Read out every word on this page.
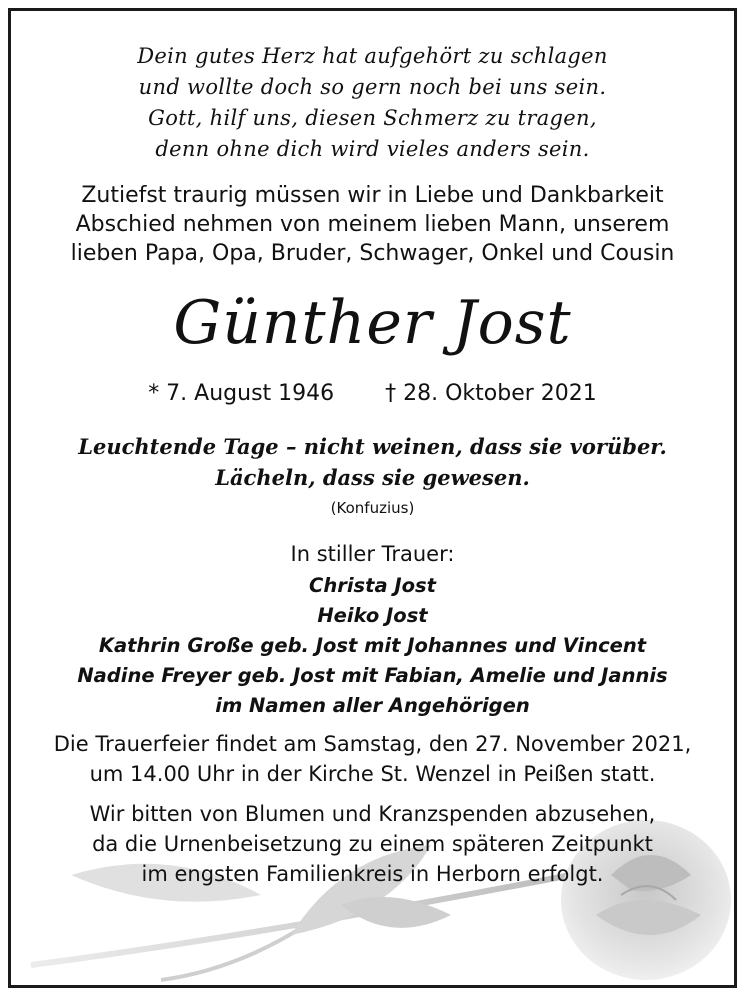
Dein gutes Herz hat aufgehört zu schlagen
und wollte doch so gern noch bei uns sein.
Gott, hilf uns, diesen Schmerz zu tragen,
denn ohne dich wird vieles anders sein.
Zutiefst traurig müssen wir in Liebe und Dankbarkeit
Abschied nehmen von meinem lieben Mann, unserem
lieben Papa, Opa, Bruder, Schwager, Onkel und Cousin
Günther Jost
* 7. August 1946 † 28. Oktober 2021
Leuchtende Tage – nicht weinen, dass sie vorüber.
Lächeln, dass sie gewesen.
(Konfuzius)
In stiller Trauer:
Christa Jost
Heiko Jost
Kathrin Große geb. Jost mit Johannes und Vincent
Nadine Freyer geb. Jost mit Fabian, Amelie und Jannis
im Namen aller Angehörigen
Die Trauerfeier findet am Samstag, den 27. November 2021,
um 14.00 Uhr in der Kirche St. Wenzel in Peißen statt.
Wir bitten von Blumen und Kranzspenden abzusehen,
da die Urnenbeisetzung zu einem späteren Zeitpunkt
im engsten Familienkreis in Herborn erfolgt.
